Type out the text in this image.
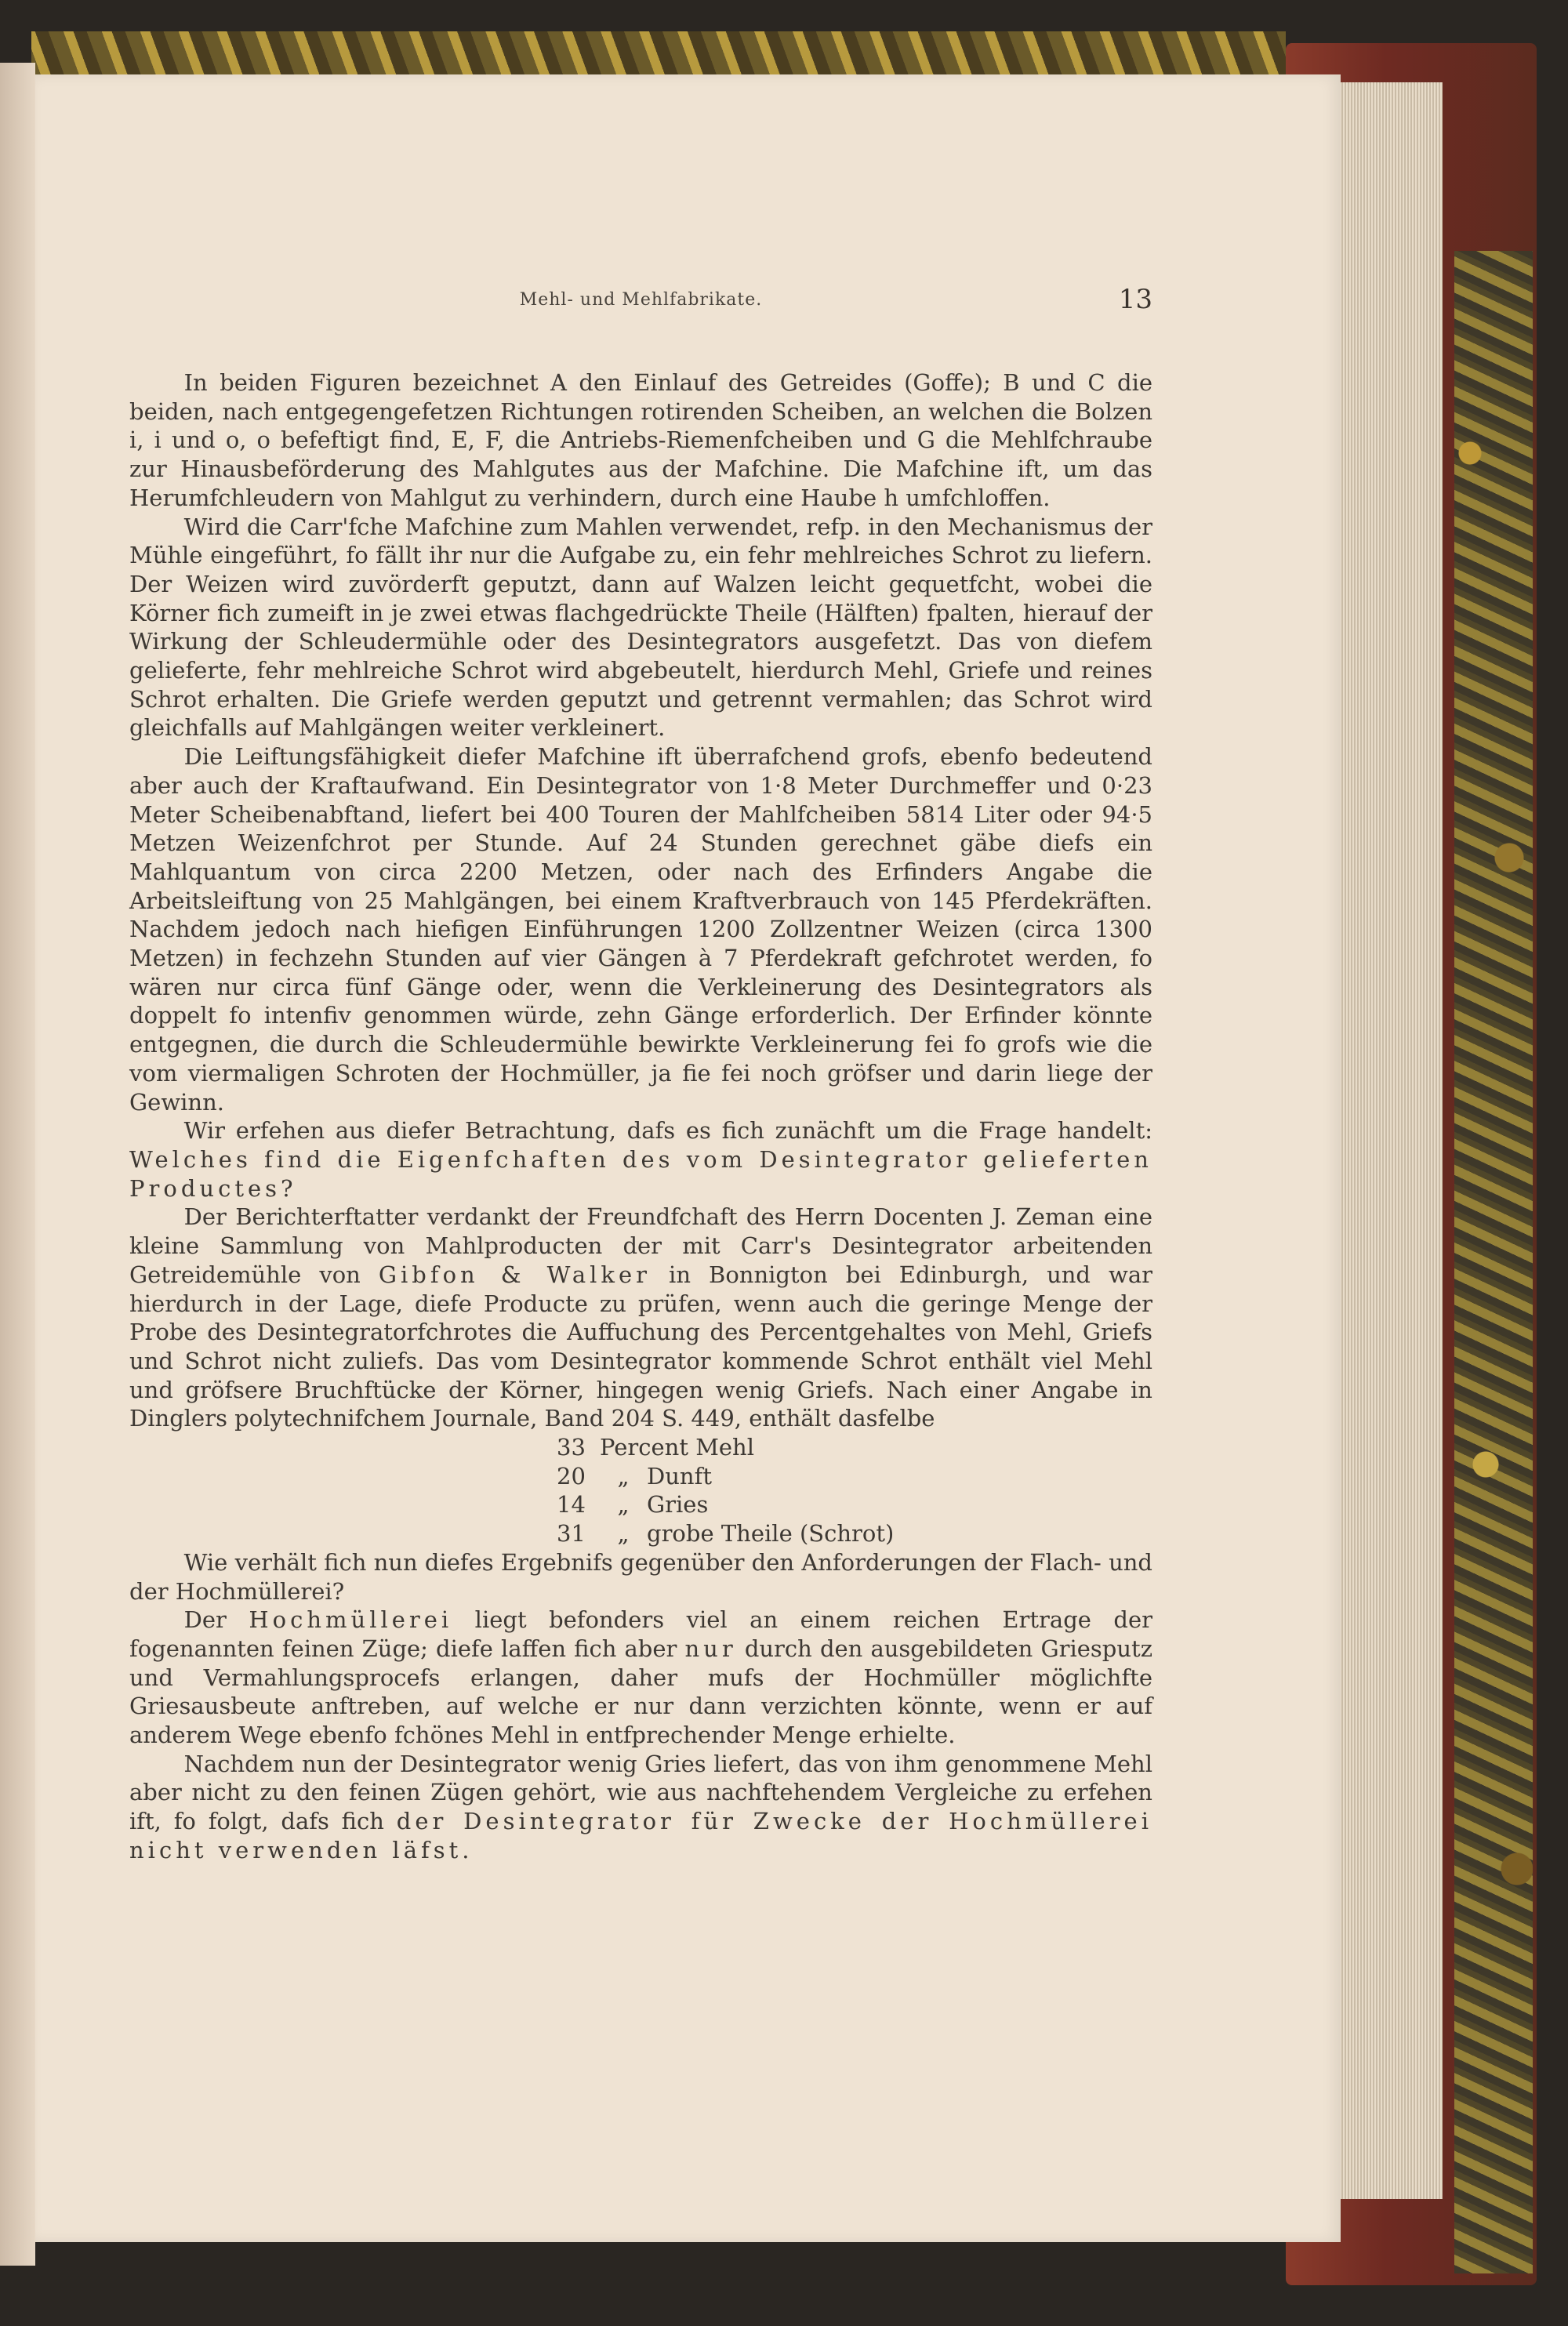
Mehl- und Mehlfabrikate.	13

In beiden Figuren bezeichnet A den Einlauf des Getreides (Goffe); B und C die beiden, nach entgegengefetzen Richtungen rotirenden Scheiben, an welchen die Bolzen i, i und o, o befeftigt find, E, F, die Antriebs-Riemenfcheiben und G die Mehlfchraube zur Hinausbeförderung des Mahlgutes aus der Mafchine. Die Mafchine ift, um das Herumfchleudern von Mahlgut zu verhindern, durch eine Haube h umfchloffen.

Wird die Carr'fche Mafchine zum Mahlen verwendet, refp. in den Mechanismus der Mühle eingeführt, fo fällt ihr nur die Aufgabe zu, ein fehr mehlreiches Schrot zu liefern. Der Weizen wird zuvörderft geputzt, dann auf Walzen leicht gequetfcht, wobei die Körner fich zumeift in je zwei etwas flachgedrückte Theile (Hälften) fpalten, hierauf der Wirkung der Schleudermühle oder des Desintegrators ausgefetzt. Das von diefem gelieferte, fehr mehlreiche Schrot wird abgebeutelt, hierdurch Mehl, Griefe und reines Schrot erhalten. Die Griefe werden geputzt und getrennt vermahlen; das Schrot wird gleichfalls auf Mahlgängen weiter verkleinert.

Die Leiftungsfähigkeit diefer Mafchine ift überrafchend grofs, ebenfo bedeutend aber auch der Kraftaufwand. Ein Desintegrator von 1·8 Meter Durchmeffer und 0·23 Meter Scheibenabftand, liefert bei 400 Touren der Mahlfcheiben 5814 Liter oder 94·5 Metzen Weizenfchrot per Stunde. Auf 24 Stunden gerechnet gäbe diefs ein Mahlquantum von circa 2200 Metzen, oder nach des Erfinders Angabe die Arbeitsleiftung von 25 Mahlgängen, bei einem Kraftverbrauch von 145 Pferdekräften. Nachdem jedoch nach hiefigen Einführungen 1200 Zollzentner Weizen (circa 1300 Metzen) in fechzehn Stunden auf vier Gängen à 7 Pferdekraft gefchrotet werden, fo wären nur circa fünf Gänge oder, wenn die Verkleinerung des Desintegrators als doppelt fo intenfiv genommen würde, zehn Gänge erforderlich. Der Erfinder könnte entgegnen, die durch die Schleudermühle bewirkte Verkleinerung fei fo grofs wie die vom viermaligen Schroten der Hochmüller, ja fie fei noch gröfser und darin liege der Gewinn.

Wir erfehen aus diefer Betrachtung, dafs es fich zunächft um die Frage handelt: Welches find die Eigenfchaften des vom Desintegrator gelieferten Productes?

Der Berichterftatter verdankt der Freundfchaft des Herrn Docenten J. Zeman eine kleine Sammlung von Mahlproducten der mit Carr's Desintegrator arbeitenden Getreidemühle von Gibfon & Walker in Bonnigton bei Edinburgh, und war hierdurch in der Lage, diefe Producte zu prüfen, wenn auch die geringe Menge der Probe des Desintegratorfchrotes die Auffuchung des Percentgehaltes von Mehl, Griefs und Schrot nicht zuliefs. Das vom Desintegrator kommende Schrot enthält viel Mehl und gröfsere Bruchftücke der Körner, hingegen wenig Griefs. Nach einer Angabe in Dinglers polytechnifchem Journale, Band 204 S. 449, enthält dasfelbe

33 Percent Mehl
20 „ Dunft
14 „ Gries
31 „ grobe Theile (Schrot)

Wie verhält fich nun diefes Ergebnifs gegenüber den Anforderungen der Flach- und der Hochmüllerei?

Der Hochmüllerei liegt befonders viel an einem reichen Ertrage der fogenannten feinen Züge; diefe laffen fich aber nur durch den ausgebildeten Griesputz und Vermahlungsprocefs erlangen, daher mufs der Hochmüller möglichfte Griesausbeute anftreben, auf welche er nur dann verzichten könnte, wenn er auf anderem Wege ebenfo fchönes Mehl in entfprechender Menge erhielte.

Nachdem nun der Desintegrator wenig Gries liefert, das von ihm genommene Mehl aber nicht zu den feinen Zügen gehört, wie aus nachftehendem Vergleiche zu erfehen ift, fo folgt, dafs fich der Desintegrator für Zwecke der Hochmüllerei nicht verwenden läfst.
